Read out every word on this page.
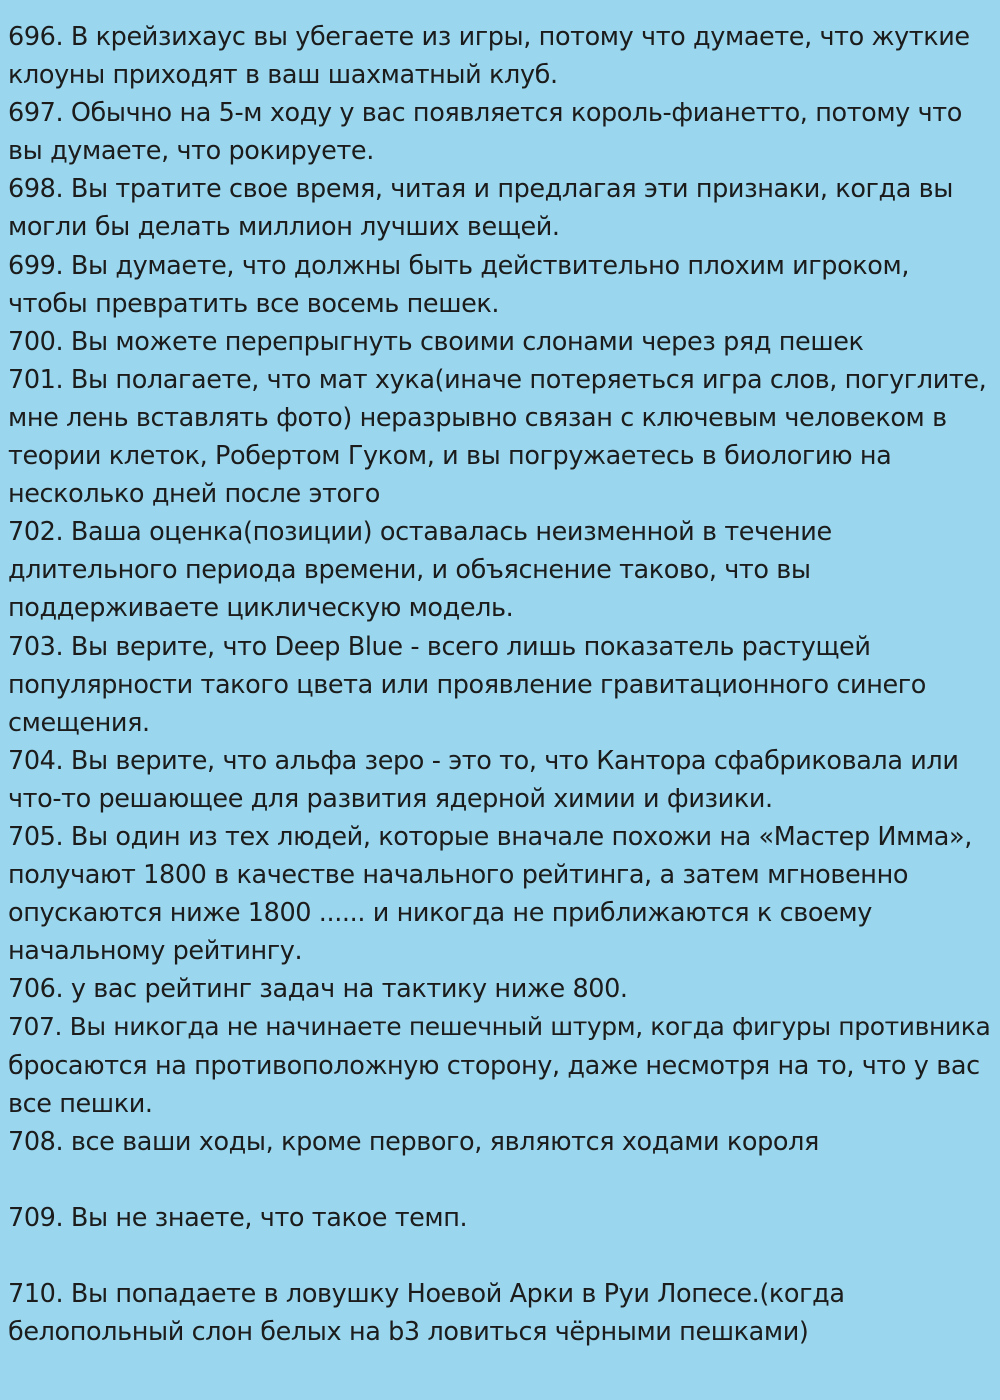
696. В крейзихаус вы убегаете из игры, потому что думаете, что жуткие
клоуны приходят в ваш шахматный клуб.
697. Обычно на 5-м ходу у вас появляется король-фианетто, потому что
вы думаете, что рокируете.
698. Вы тратите свое время, читая и предлагая эти признаки, когда вы
могли бы делать миллион лучших вещей.
699. Вы думаете, что должны быть действительно плохим игроком,
чтобы превратить все восемь пешек.
700. Вы можете перепрыгнуть своими слонами через ряд пешек
701. Вы полагаете, что мат хука(иначе потеряеться игра слов, погуглите,
мне лень вставлять фото) неразрывно связан с ключевым человеком в
теории клеток, Робертом Гуком, и вы погружаетесь в биологию на
несколько дней после этого
702. Ваша оценка(позиции) оставалась неизменной в течение
длительного периода времени, и объяснение таково, что вы
поддерживаете циклическую модель.
703. Вы верите, что Deep Blue - всего лишь показатель растущей
популярности такого цвета или проявление гравитационного синего
смещения.
704. Вы верите, что альфа зеро - это то, что Кантора сфабриковала или
что-то решающее для развития ядерной химии и физики.
705. Вы один из тех людей, которые вначале похожи на «Мастер Имма»,
получают 1800 в качестве начального рейтинга, а затем мгновенно
опускаются ниже 1800 ...... и никогда не приближаются к своему
начальному рейтингу.
706. у вас рейтинг задач на тактику ниже 800.
707. Вы никогда не начинаете пешечный штурм, когда фигуры противника
бросаются на противоположную сторону, даже несмотря на то, что у вас
все пешки.
708. все ваши ходы, кроме первого, являются ходами короля
709. Вы не знаете, что такое темп.
710. Вы попадаете в ловушку Ноевой Арки в Руи Лопесе.(когда
белопольный слон белых на b3 ловиться чёрными пешками)
